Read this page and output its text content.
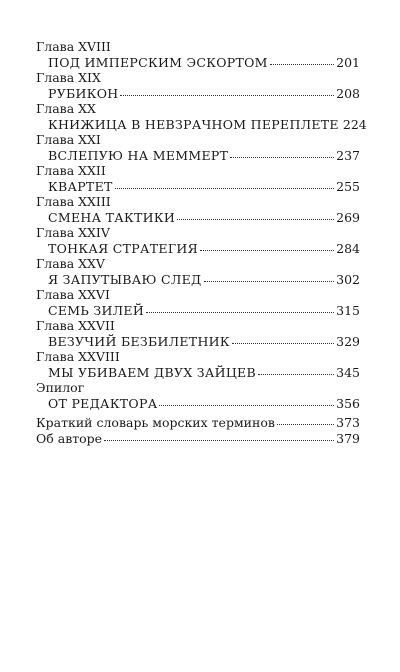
Глава XVIII
ПОД ИМПЕРСКИМ ЭСКОРТОМ	201
Глава XIX
РУБИКОН	208
Глава XX
КНИЖИЦА В НЕВЗРАЧНОМ ПЕРЕПЛЕТЕ 224
Глава XXI
ВСЛЕПУЮ НА МЕММЕРТ	237
Глава XXII
КВАРТЕТ	255
Глава XXIII
СМЕНА ТАКТИКИ	269
Глава XXIV
ТОНКАЯ СТРАТЕГИЯ	284
Глава XXV
Я ЗАПУТЫВАЮ СЛЕД	302
Глава XXVI
СЕМЬ ЗИЛЕЙ	315
Глава XXVII
ВЕЗУЧИЙ БЕЗБИЛЕТНИК	329
Глава XXVIII
МЫ УБИВАЕМ ДВУХ ЗАЙЦЕВ	345
Эпилог
ОТ РЕДАКТОРА	356
Краткий словарь морских терминов	373
Об авторе	379
